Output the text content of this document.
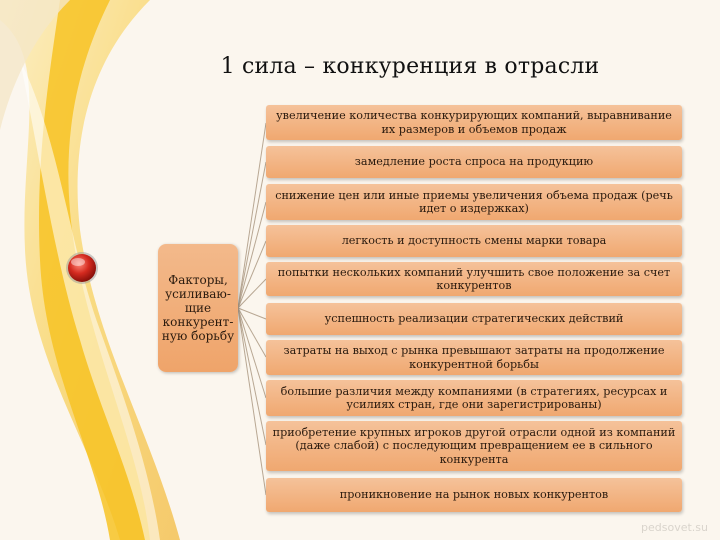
1 сила – конкуренция в отрасли
Факторы,
усиливаю-
щие
конкурент-
ную борьбу
увеличение количества конкурирующих компаний, выравнивание их размеров и объемов продаж
замедление роста спроса на продукцию
снижение цен или иные приемы увеличения объема продаж (речь идет о издержках)
легкость и доступность смены марки товара
попытки нескольких компаний улучшить свое положение за счет конкурентов
успешность реализации стратегических действий
затраты на выход с рынка превышают затраты на продолжение конкурентной борьбы
большие различия между компаниями (в стратегиях, ресурсах и усилиях стран, где они зарегистрированы)
приобретение крупных игроков другой отрасли одной из компаний (даже слабой) с последующим превращением ее в сильного конкурента
проникновение на рынок новых конкурентов
pedsovet.su
